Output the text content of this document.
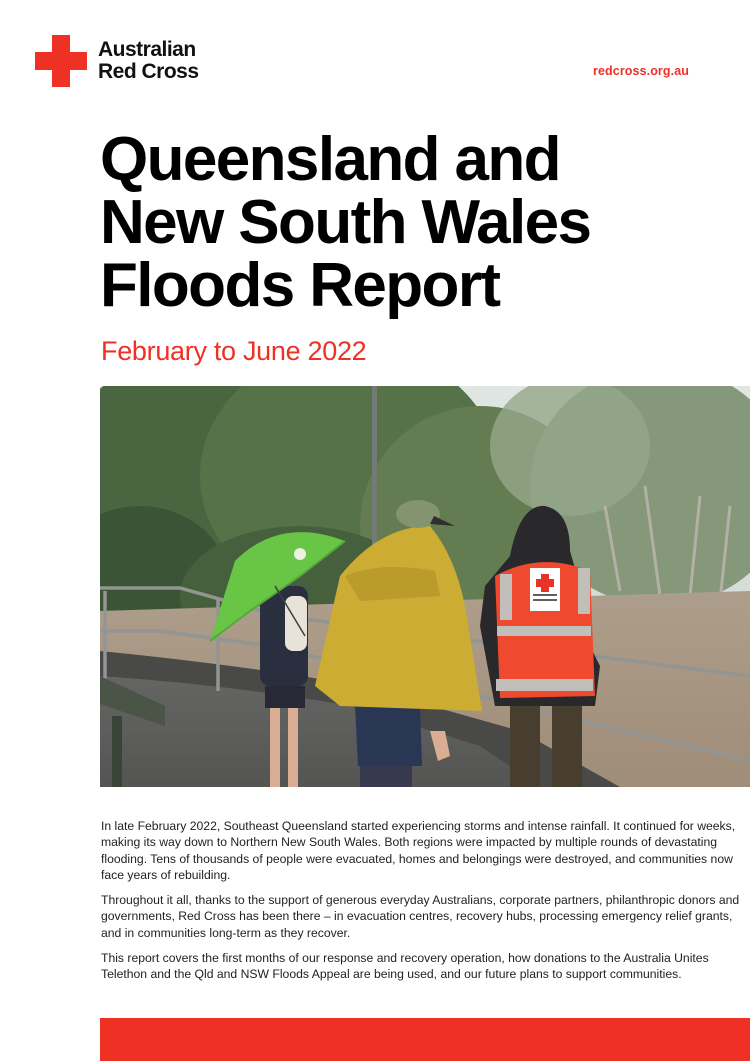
Australian
Red Cross	redcross.org.au
Queensland and
New South Wales
Floods Report
February to June 2022

In late February 2022, Southeast Queensland started experiencing storms and intense rainfall. It continued for weeks, making its way down to Northern New South Wales. Both regions were impacted by multiple rounds of devastating flooding. Tens of thousands of people were evacuated, homes and belongings were destroyed, and communities now face years of rebuilding.

Throughout it all, thanks to the support of generous everyday Australians, corporate partners, philanthropic donors and governments, Red Cross has been there – in evacuation centres, recovery hubs, processing emergency relief grants, and in communities long-term as they recover.

This report covers the first months of our response and recovery operation, how donations to the Australia Unites Telethon and the Qld and NSW Floods Appeal are being used, and our future plans to support communities.
